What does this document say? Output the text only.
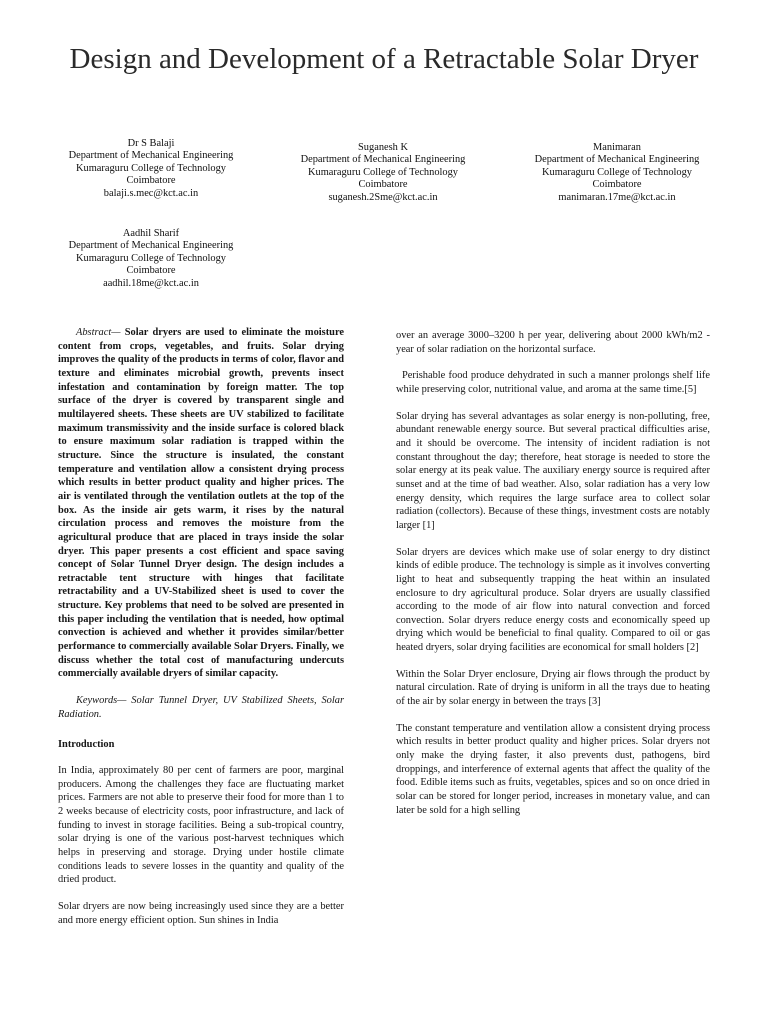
Design and Development of a Retractable Solar Dryer
Dr S Balaji
Department of Mechanical Engineering
Kumaraguru College of Technology
Coimbatore
balaji.s.mec@kct.ac.in
Suganesh K
Department of Mechanical Engineering
Kumaraguru College of Technology
Coimbatore
suganesh.2Sme@kct.ac.in
Manimaran
Department of Mechanical Engineering
Kumaraguru College of Technology
Coimbatore
manimaran.17me@kct.ac.in
Aadhil Sharif
Department of Mechanical Engineering
Kumaraguru College of Technology
Coimbatore
aadhil.18me@kct.ac.in

Abstract— Solar dryers are used to eliminate the moisture content from crops, vegetables, and fruits. Solar drying improves the quality of the products in terms of color, flavor and texture and eliminates microbial growth, prevents insect infestation and contamination by foreign matter. The top surface of the dryer is covered by transparent single and multilayered sheets. These sheets are UV stabilized to facilitate maximum transmissivity and the inside surface is colored black to ensure maximum solar radiation is trapped within the structure. Since the structure is insulated, the constant temperature and ventilation allow a consistent drying process which results in better product quality and higher prices. The air is ventilated through the ventilation outlets at the top of the box. As the inside air gets warm, it rises by the natural circulation process and removes the moisture from the agricultural produce that are placed in trays inside the solar dryer. This paper presents a cost efficient and space saving concept of Solar Tunnel Dryer design. The design includes a retractable tent structure with hinges that facilitate retractability and a UV-Stabilized sheet is used to cover the structure. Key problems that need to be solved are presented in this paper including the ventilation that is needed, how optimal convection is achieved and whether it provides similar/better performance to commercially available Solar Dryers. Finally, we discuss whether the total cost of manufacturing undercuts commercially available dryers of similar capacity.

Keywords— Solar Tunnel Dryer, UV Stabilized Sheets, Solar Radiation.

Introduction

In India, approximately 80 per cent of farmers are poor, marginal producers. Among the challenges they face are fluctuating market prices. Farmers are not able to preserve their food for more than 1 to 2 weeks because of electricity costs, poor infrastructure, and lack of funding to invest in storage facilities. Being a sub-tropical country, solar drying is one of the various post-harvest techniques which helps in preserving and storage. Drying under hostile climate conditions leads to severe losses in the quantity and quality of the dried product.

Solar dryers are now being increasingly used since they are a better and more energy efficient option. Sun shines in India

over an average 3000–3200 h per year, delivering about 2000 kWh/m2 -year of solar radiation on the horizontal surface.

Perishable food produce dehydrated in such a manner prolongs shelf life while preserving color, nutritional value, and aroma at the same time.[5]

Solar drying has several advantages as solar energy is non-polluting, free, abundant renewable energy source. But several practical difficulties arise, and it should be overcome. The intensity of incident radiation is not constant throughout the day; therefore, heat storage is needed to store the solar energy at its peak value. The auxiliary energy source is required after sunset and at the time of bad weather. Also, solar radiation has a very low energy density, which requires the large surface area to collect solar radiation (collectors). Because of these things, investment costs are notably larger [1]

Solar dryers are devices which make use of solar energy to dry distinct kinds of edible produce. The technology is simple as it involves converting light to heat and subsequently trapping the heat within an insulated enclosure to dry agricultural produce. Solar dryers are usually classified according to the mode of air flow into natural convection and forced convection. Solar dryers reduce energy costs and economically speed up drying which would be beneficial to final quality. Compared to oil or gas heated dryers, solar drying facilities are economical for small holders [2]

Within the Solar Dryer enclosure, Drying air flows through the product by natural circulation. Rate of drying is uniform in all the trays due to heating of the air by solar energy in between the trays [3]

The constant temperature and ventilation allow a consistent drying process which results in better product quality and higher prices. Solar dryers not only make the drying faster, it also prevents dust, pathogens, bird droppings, and interference of external agents that affect the quality of the food. Edible items such as fruits, vegetables, spices and so on once dried in solar can be stored for longer period, increases in monetary value, and can later be sold for a high selling
